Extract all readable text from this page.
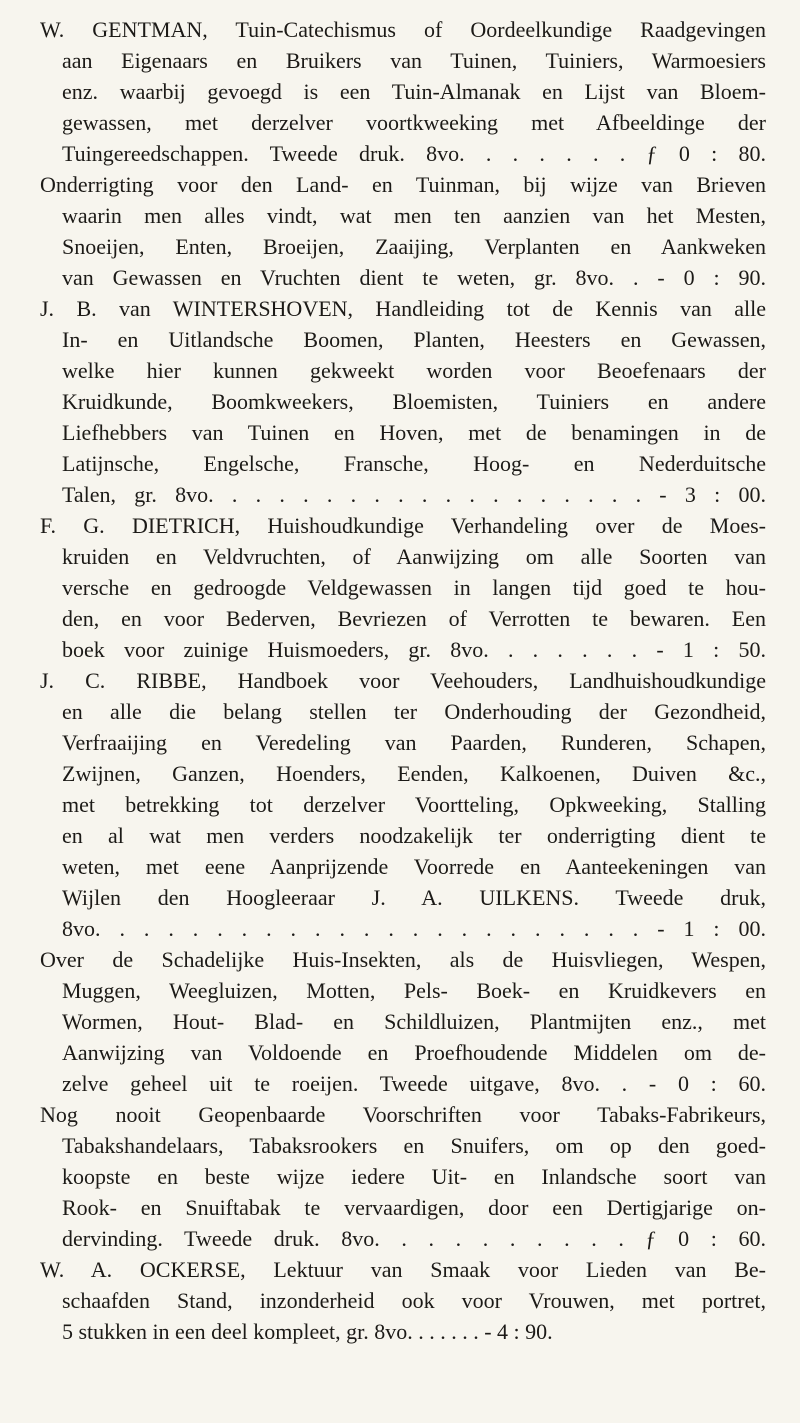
W. GENTMAN, Tuin-Catechismus of Oordeelkundige Raadgevingen
aan Eigenaars en Bruikers van Tuinen, Tuiniers, Warmoesiers
enz. waarbij gevoegd is een Tuin-Almanak en Lijst van Bloem-
gewassen, met derzelver voortkweeking met Afbeeldinge der
Tuingereedschappen. Tweede druk. 8vo. . . . . . . ƒ 0 : 80.

Onderrigting voor den Land- en Tuinman, bij wijze van Brieven
waarin men alles vindt, wat men ten aanzien van het Mesten,
Snoeijen, Enten, Broeijen, Zaaijing, Verplanten en Aankweken
van Gewassen en Vruchten dient te weten, gr. 8vo. . - 0 : 90.

J. B. van WINTERSHOVEN, Handleiding tot de Kennis van alle
In- en Uitlandsche Boomen, Planten, Heesters en Gewassen,
welke hier kunnen gekweekt worden voor Beoefenaars der
Kruidkunde, Boomkweekers, Bloemisten, Tuiniers en andere
Liefhebbers van Tuinen en Hoven, met de benamingen in de
Latijnsche, Engelsche, Fransche, Hoog- en Nederduitsche
Talen, gr. 8vo. . . . . . . . . . . . . . . . . . . - 3 : 00.

F. G. DIETRICH, Huishoudkundige Verhandeling over de Moes-
kruiden en Veldvruchten, of Aanwijzing om alle Soorten van
versche en gedroogde Veldgewassen in langen tijd goed te hou-
den, en voor Bederven, Bevriezen of Verrotten te bewaren. Een
boek voor zuinige Huismoeders, gr. 8vo. . . . . . . - 1 : 50.

J. C. RIBBE, Handboek voor Veehouders, Landhuishoudkundige
en alle die belang stellen ter Onderhouding der Gezondheid,
Verfraaijing en Veredeling van Paarden, Runderen, Schapen,
Zwijnen, Ganzen, Hoenders, Eenden, Kalkoenen, Duiven &c.,
met betrekking tot derzelver Voortteling, Opkweeking, Stalling
en al wat men verders noodzakelijk ter onderrigting dient te
weten, met eene Aanprijzende Voorrede en Aanteekeningen van
Wijlen den Hoogleeraar J. A. UILKENS. Tweede druk,
8vo. . . . . . . . . . . . . . . . . . . . . . . - 1 : 00.

Over de Schadelijke Huis-Insekten, als de Huisvliegen, Wespen,
Muggen, Weegluizen, Motten, Pels- Boek- en Kruidkevers en
Wormen, Hout- Blad- en Schildluizen, Plantmijten enz., met
Aanwijzing van Voldoende en Proefhoudende Middelen om de-
zelve geheel uit te roeijen. Tweede uitgave, 8vo. . - 0 : 60.

Nog nooit Geopenbaarde Voorschriften voor Tabaks-Fabrikeurs,
Tabakshandelaars, Tabaksrookers en Snuifers, om op den goed-
koopste en beste wijze iedere Uit- en Inlandsche soort van
Rook- en Snuiftabak te vervaardigen, door een Dertigjarige on-
dervinding. Tweede druk. 8vo. . . . . . . . . . ƒ 0 : 60.

W. A. OCKERSE, Lektuur van Smaak voor Lieden van Be-
schaafden Stand, inzonderheid ook voor Vrouwen, met portret,
5 stukken in een deel kompleet, gr. 8vo. . . . . . . - 4 : 90.
